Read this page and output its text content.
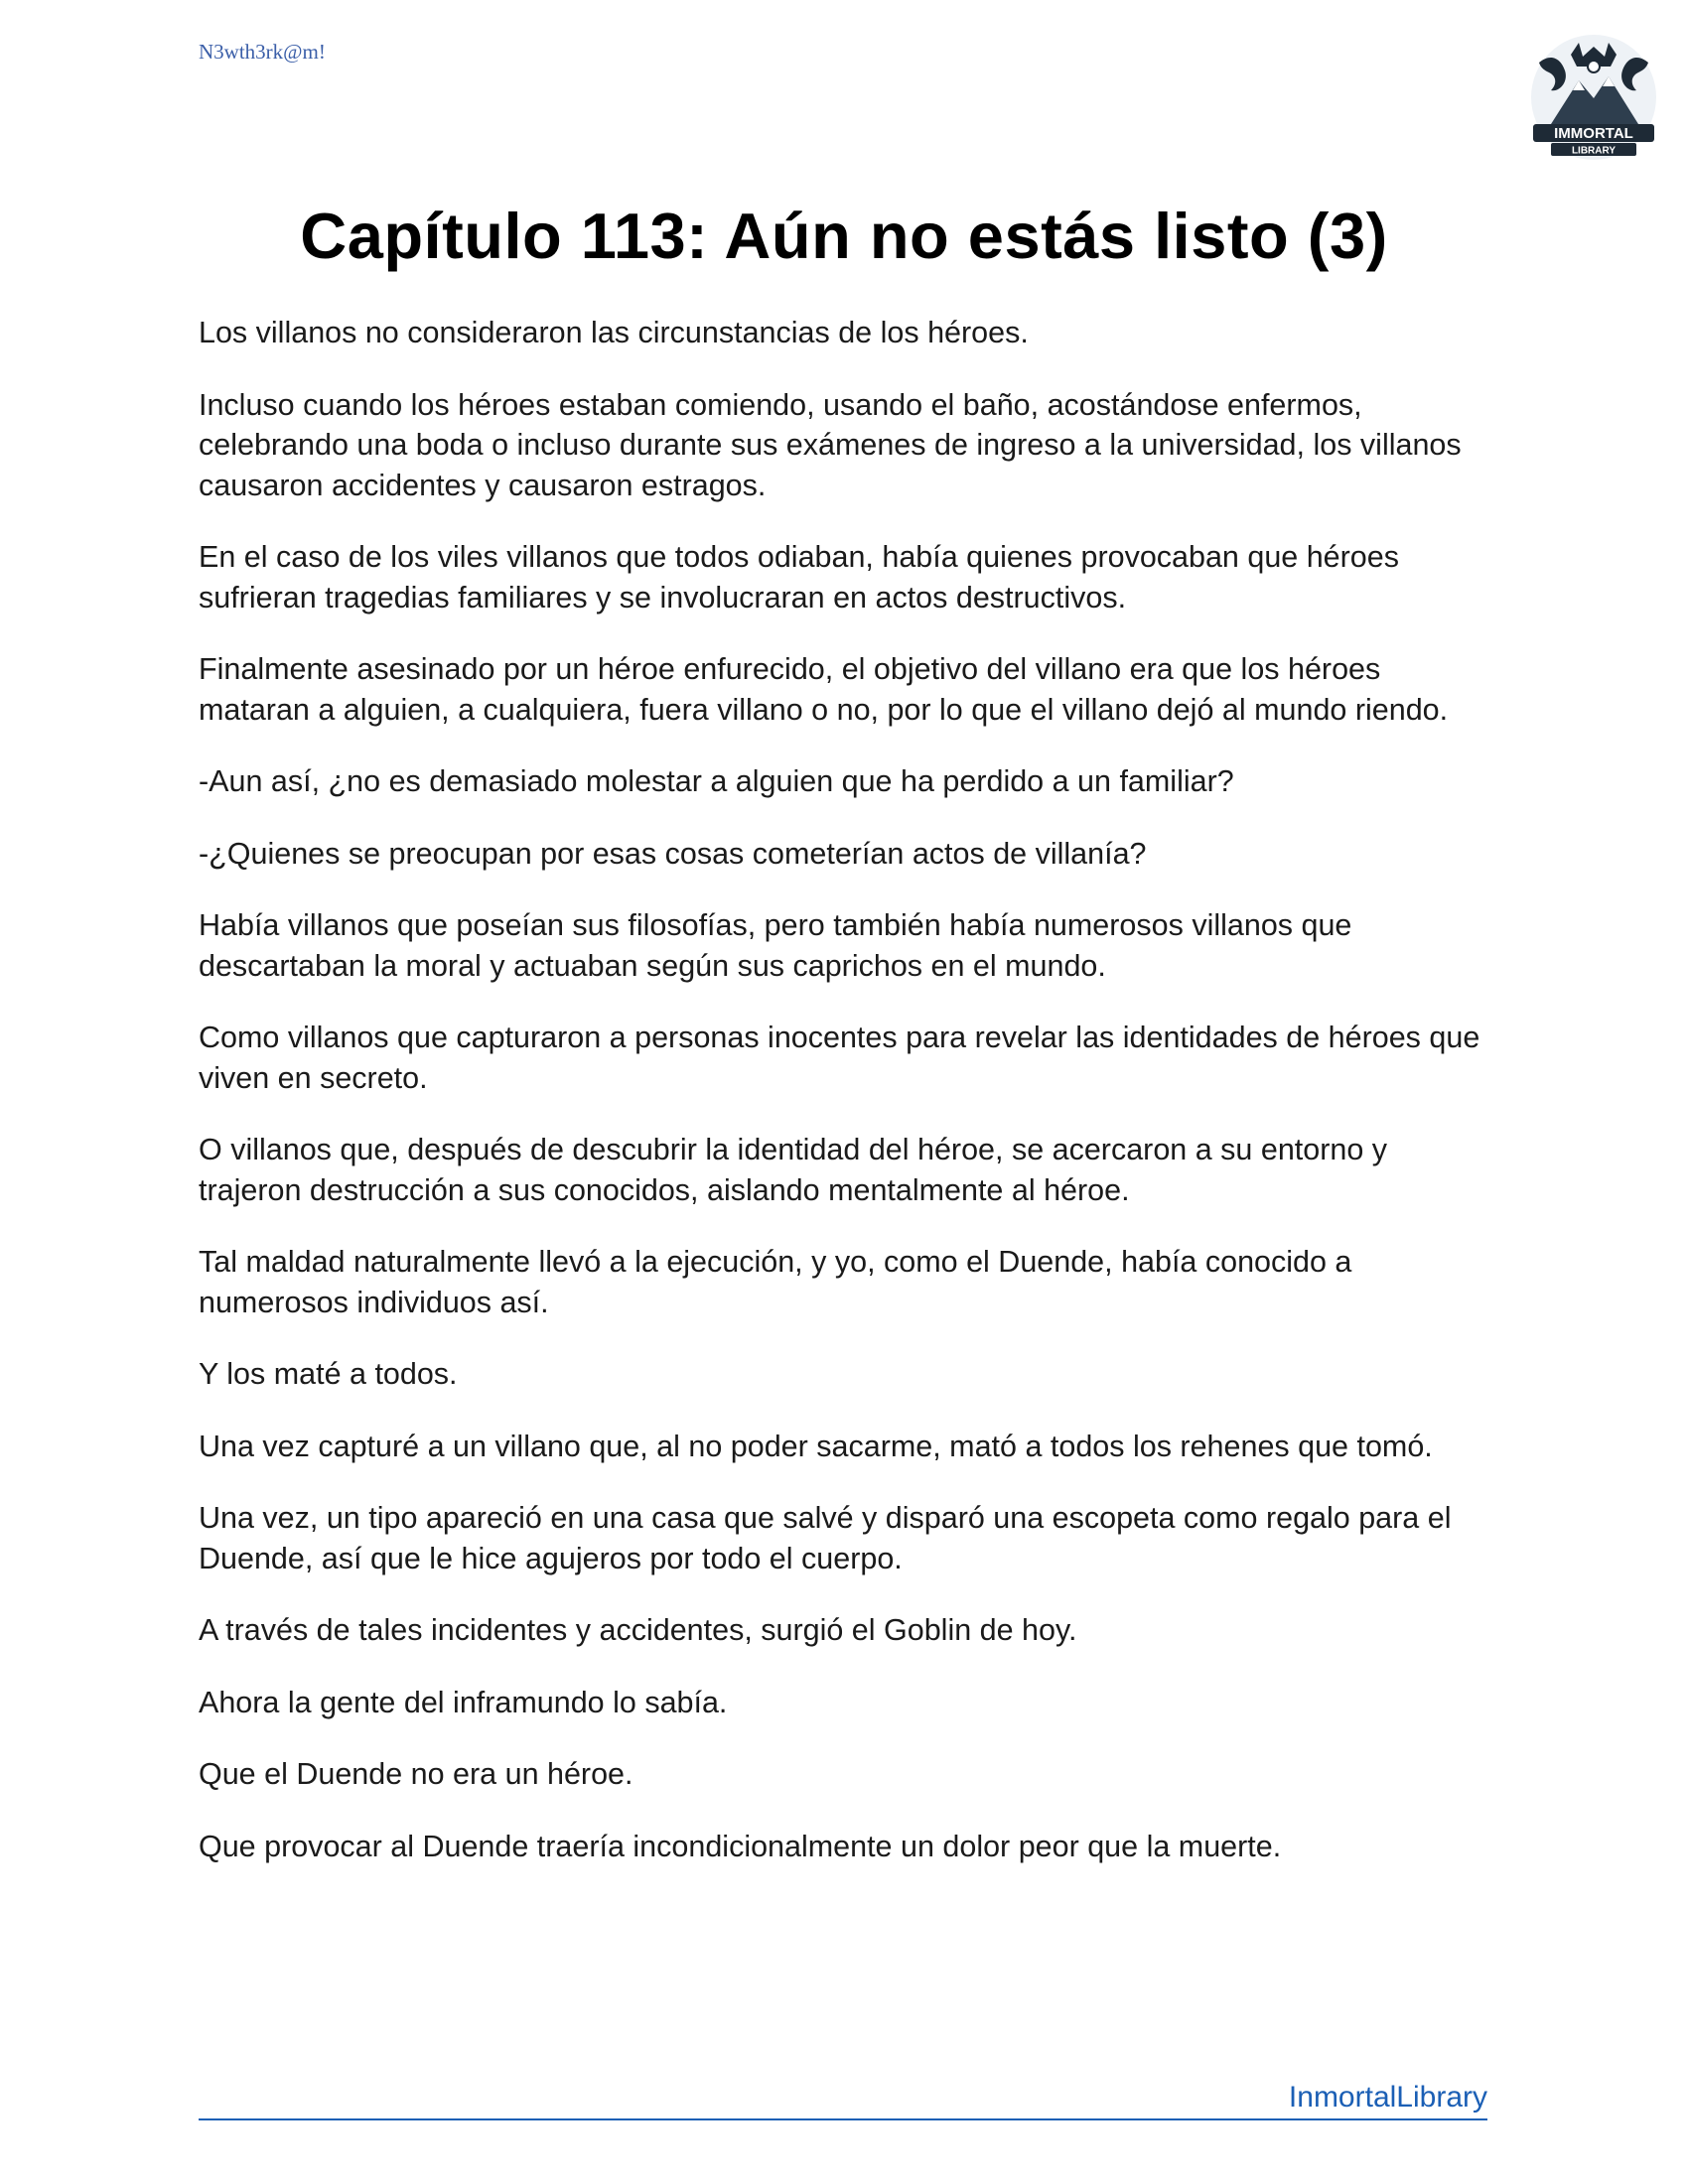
N3wth3rk@m!
IMMORTAL
LIBRARY
Capítulo 113: Aún no estás listo (3)

Los villanos no consideraron las circunstancias de los héroes.

Incluso cuando los héroes estaban comiendo, usando el baño, acostándose enfermos, celebrando una boda o incluso durante sus exámenes de ingreso a la universidad, los villanos causaron accidentes y causaron estragos.

En el caso de los viles villanos que todos odiaban, había quienes provocaban que héroes sufrieran tragedias familiares y se involucraran en actos destructivos.

Finalmente asesinado por un héroe enfurecido, el objetivo del villano era que los héroes mataran a alguien, a cualquiera, fuera villano o no, por lo que el villano dejó al mundo riendo.

-Aun así, ¿no es demasiado molestar a alguien que ha perdido a un familiar?

-¿Quienes se preocupan por esas cosas cometerían actos de villanía?

Había villanos que poseían sus filosofías, pero también había numerosos villanos que descartaban la moral y actuaban según sus caprichos en el mundo.

Como villanos que capturaron a personas inocentes para revelar las identidades de héroes que viven en secreto.

O villanos que, después de descubrir la identidad del héroe, se acercaron a su entorno y trajeron destrucción a sus conocidos, aislando mentalmente al héroe.

Tal maldad naturalmente llevó a la ejecución, y yo, como el Duende, había conocido a numerosos individuos así.

Y los maté a todos.

Una vez capturé a un villano que, al no poder sacarme, mató a todos los rehenes que tomó.

Una vez, un tipo apareció en una casa que salvé y disparó una escopeta como regalo para el Duende, así que le hice agujeros por todo el cuerpo.

A través de tales incidentes y accidentes, surgió el Goblin de hoy.

Ahora la gente del inframundo lo sabía.

Que el Duende no era un héroe.

Que provocar al Duende traería incondicionalmente un dolor peor que la muerte.

InmortalLibrary
